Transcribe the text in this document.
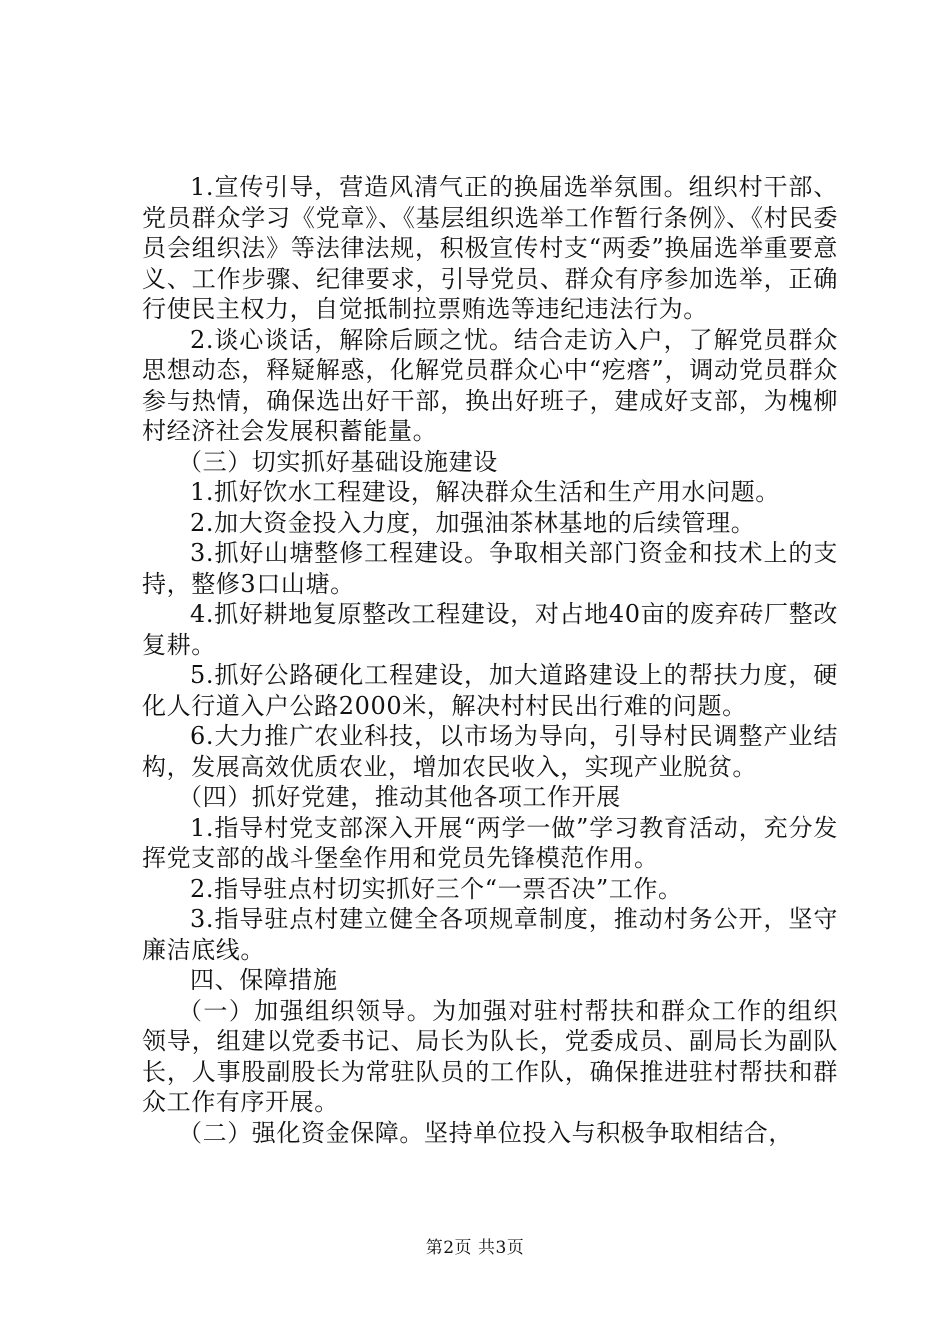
1.宣传引导，营造风清气正的换届选举氛围。组织村干部、党员群众学习《党章》、《基层组织选举工作暂行条例》、《村民委员会组织法》等法律法规，积极宣传村支“两委”换届选举重要意义、工作步骤、纪律要求，引导党员、群众有序参加选举，正确行使民主权力，自觉抵制拉票贿选等违纪违法行为。

2.谈心谈话，解除后顾之忧。结合走访入户，了解党员群众思想动态，释疑解惑，化解党员群众心中“疙瘩”，调动党员群众参与热情，确保选出好干部，换出好班子，建成好支部，为槐柳村经济社会发展积蓄能量。

（三）切实抓好基础设施建设

1.抓好饮水工程建设，解决群众生活和生产用水问题。

2.加大资金投入力度，加强油茶林基地的后续管理。

3.抓好山塘整修工程建设。争取相关部门资金和技术上的支持，整修3口山塘。

4.抓好耕地复原整改工程建设，对占地40亩的废弃砖厂整改复耕。

5.抓好公路硬化工程建设，加大道路建设上的帮扶力度，硬化人行道入户公路2000米，解决村村民出行难的问题。

6.大力推广农业科技，以市场为导向，引导村民调整产业结构，发展高效优质农业，增加农民收入，实现产业脱贫。

（四）抓好党建，推动其他各项工作开展

1.指导村党支部深入开展“两学一做”学习教育活动，充分发挥党支部的战斗堡垒作用和党员先锋模范作用。

2.指导驻点村切实抓好三个“一票否决”工作。

3.指导驻点村建立健全各项规章制度，推动村务公开，坚守廉洁底线。

四、保障措施

（一）加强组织领导。为加强对驻村帮扶和群众工作的组织领导，组建以党委书记、局长为队长，党委成员、副局长为副队长，人事股副股长为常驻队员的工作队，确保推进驻村帮扶和群众工作有序开展。

（二）强化资金保障。坚持单位投入与积极争取相结合，

第2页 共3页
